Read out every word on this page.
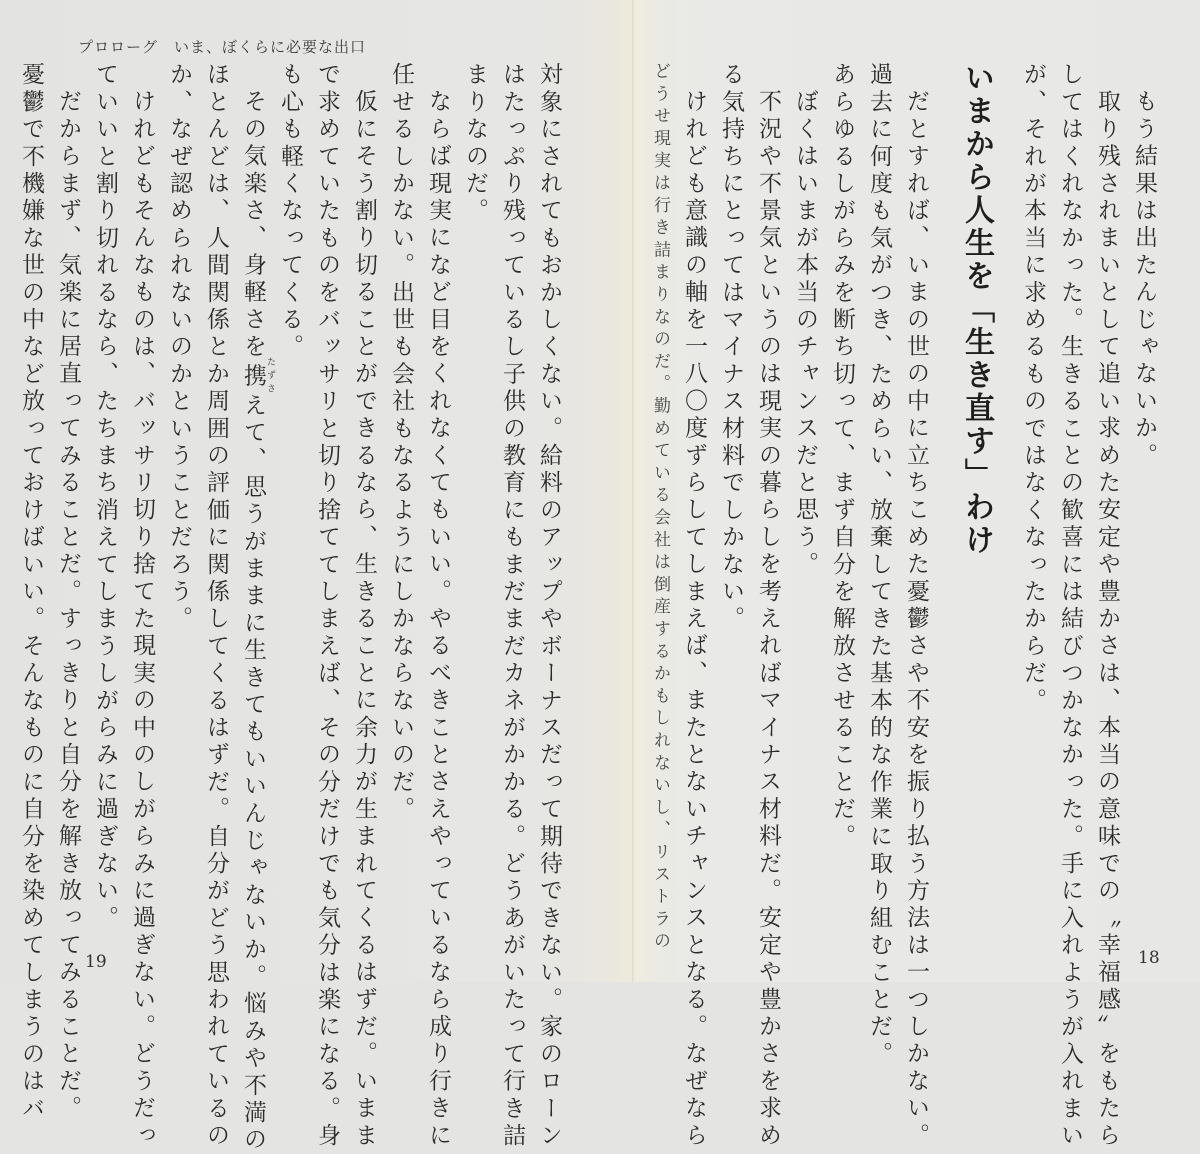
プロローグ　いま、ぼくらに必要な出口
対象にされてもおかしくない。給料のアップやボーナスだって期待できない。家のローン
はたっぷり残っているし子供の教育にもまだまだカネがかかる。どうあがいたって行き詰
まりなのだ。
ならば現実になど目をくれなくてもいい。やるべきことさえやっているなら成り行きに
任せるしかない。出世も会社もなるようにしかならないのだ。
仮にそう割り切ることができるなら、生きることに余力が生まれてくるはずだ。いまま
で求めていたものをバッサリと切り捨ててしまえば、その分だけでも気分は楽になる。身
も心も軽くなってくる。
その気楽さ、身軽さを携 たずさえて、思うがままに生きてもいいんじゃないか。悩みや不満の
ほとんどは、人間関係とか周囲の評価に関係してくるはずだ。自分がどう思われているの
か、なぜ認められないのかということだろう。
けれどもそんなものは、バッサリ切り捨てた現実の中のしがらみに過ぎない。どうだっ
ていいと割り切れるなら、たちまち消えてしまうしがらみに過ぎない。
だからまず、気楽に居直ってみることだ。すっきりと自分を解き放ってみることだ。
憂鬱で不機嫌な世の中など放っておけばいい。そんなものに自分を染めてしまうのはバ 19
もう結果は出たんじゃないか。
取り残されまいとして追い求めた安定や豊かさは、本当の意味での〝幸福感〟をもたら
してはくれなかった。生きることの歓喜には結びつかなかった。手に入れようが入れまい
が、それが本当に求めるものではなくなったからだ。
いまから人生を「生き直す」わけ
だとすれば、いまの世の中に立ちこめた憂鬱さや不安を振り払う方法は一つしかない。
過去に何度も気がつき、ためらい、放棄してきた基本的な作業に取り組むことだ。
あらゆるしがらみを断ち切って、まず自分を解放させることだ。
ぼくはいまが本当のチャンスだと思う。
不況や不景気というのは現実の暮らしを考えればマイナス材料だ。安定や豊かさを求め
る気持ちにとってはマイナス材料でしかない。
けれども意識の軸を一八〇度ずらしてしまえば、またとないチャンスとなる。なぜなら
どうせ現実は行き詰まりなのだ。勤めている会社は倒産するかもしれないし、リストラの
18
